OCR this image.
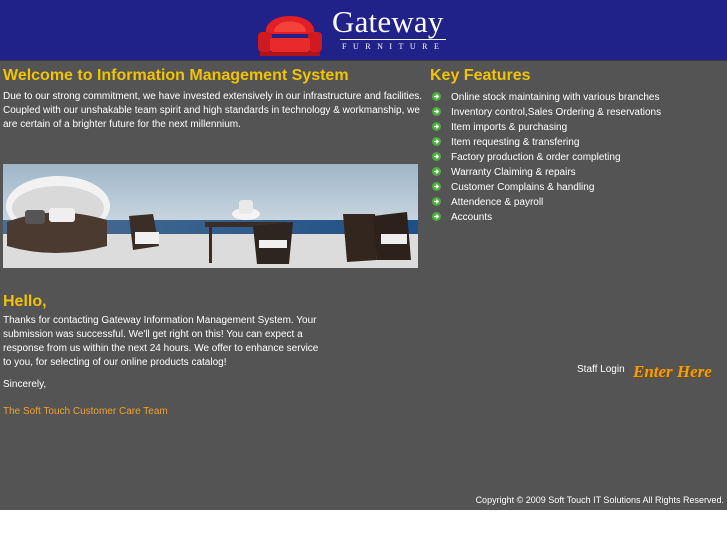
Gateway
FURNITURE
Welcome to Information Management System
Due to our strong commitment, we have invested extensively in our infrastructure and facilities. Coupled with our unshakable team spirit and high standards in technology & workmanship, we are certain of a brighter future for the next millennium.
Key Features
Online stock maintaining with various branches
Inventory control,Sales Ordering & reservations
Item imports & purchasing
Item requesting & transfering
Factory production & order completing
Warranty Claiming & repairs
Customer Complains & handling
Attendence & payroll
Accounts
Hello,
Thanks for contacting Gateway Information Management System. Your submission was successful. We'll get right on this! You can expect a response from us within the next 24 hours. We offer to enhance service to you, for selecting of our online products catalog!
Sincerely,
The Soft Touch Customer Care Team
Staff Login Enter Here
Copyright © 2009 Soft Touch IT Solutions All Rights Reserved.
